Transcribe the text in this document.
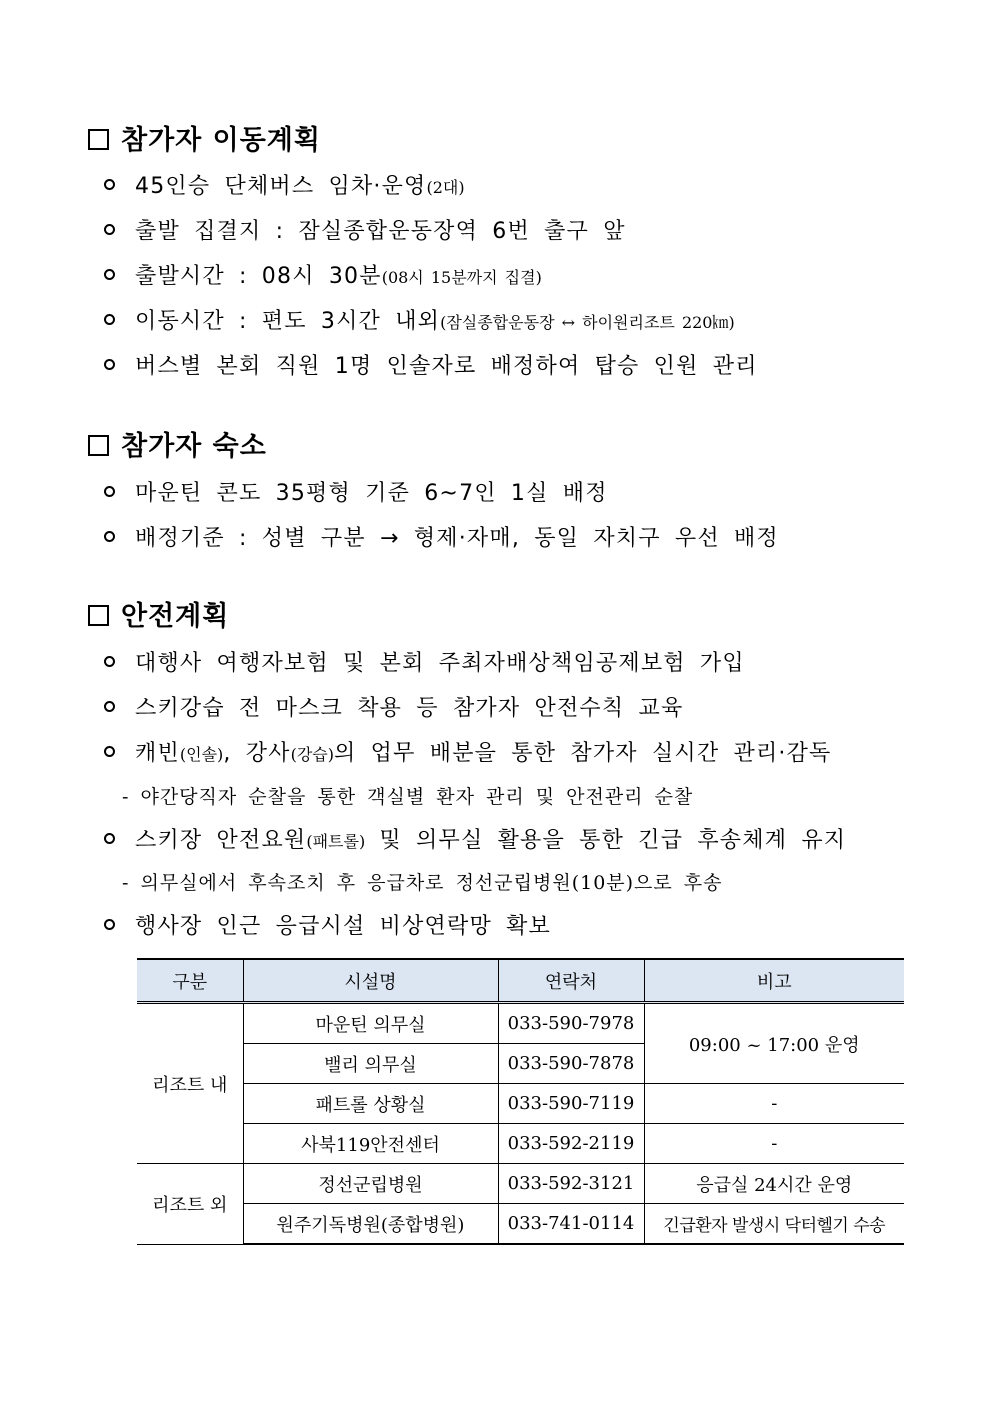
참가자 이동계획
45인승 단체버스 임차·운영(2대)
출발 집결지 : 잠실종합운동장역 6번 출구 앞
출발시간 : 08시 30분(08시 15분까지 집결)
이동시간 : 편도 3시간 내외(잠실종합운동장 ↔ 하이원리조트 220㎞)
버스별 본회 직원 1명 인솔자로 배정하여 탑승 인원 관리
참가자 숙소
마운틴 콘도 35평형 기준 6~7인 1실 배정
배정기준 : 성별 구분 → 형제·자매, 동일 자치구 우선 배정
안전계획
대행사 여행자보험 및 본회 주최자배상책임공제보험 가입
스키강습 전 마스크 착용 등 참가자 안전수칙 교육
캐빈(인솔), 강사(강습)의 업무 배분을 통한 참가자 실시간 관리·감독
- 야간당직자 순찰을 통한 객실별 환자 관리 및 안전관리 순찰
스키장 안전요원(패트롤) 및 의무실 활용을 통한 긴급 후송체계 유지
- 의무실에서 후속조치 후 응급차로 정선군립병원(10분)으로 후송
행사장 인근 응급시설 비상연락망 확보
구분	시설명	연락처	비고
리조트 내	마운틴 의무실	033-590-7978	09:00 ~ 17:00 운영
	밸리 의무실	033-590-7878	
	패트롤 상황실	033-590-7119	-
	사북119안전센터	033-592-2119	-
리조트 외	정선군립병원	033-592-3121	응급실 24시간 운영
	원주기독병원(종합병원)	033-741-0114	긴급환자 발생시 닥터헬기 수송
